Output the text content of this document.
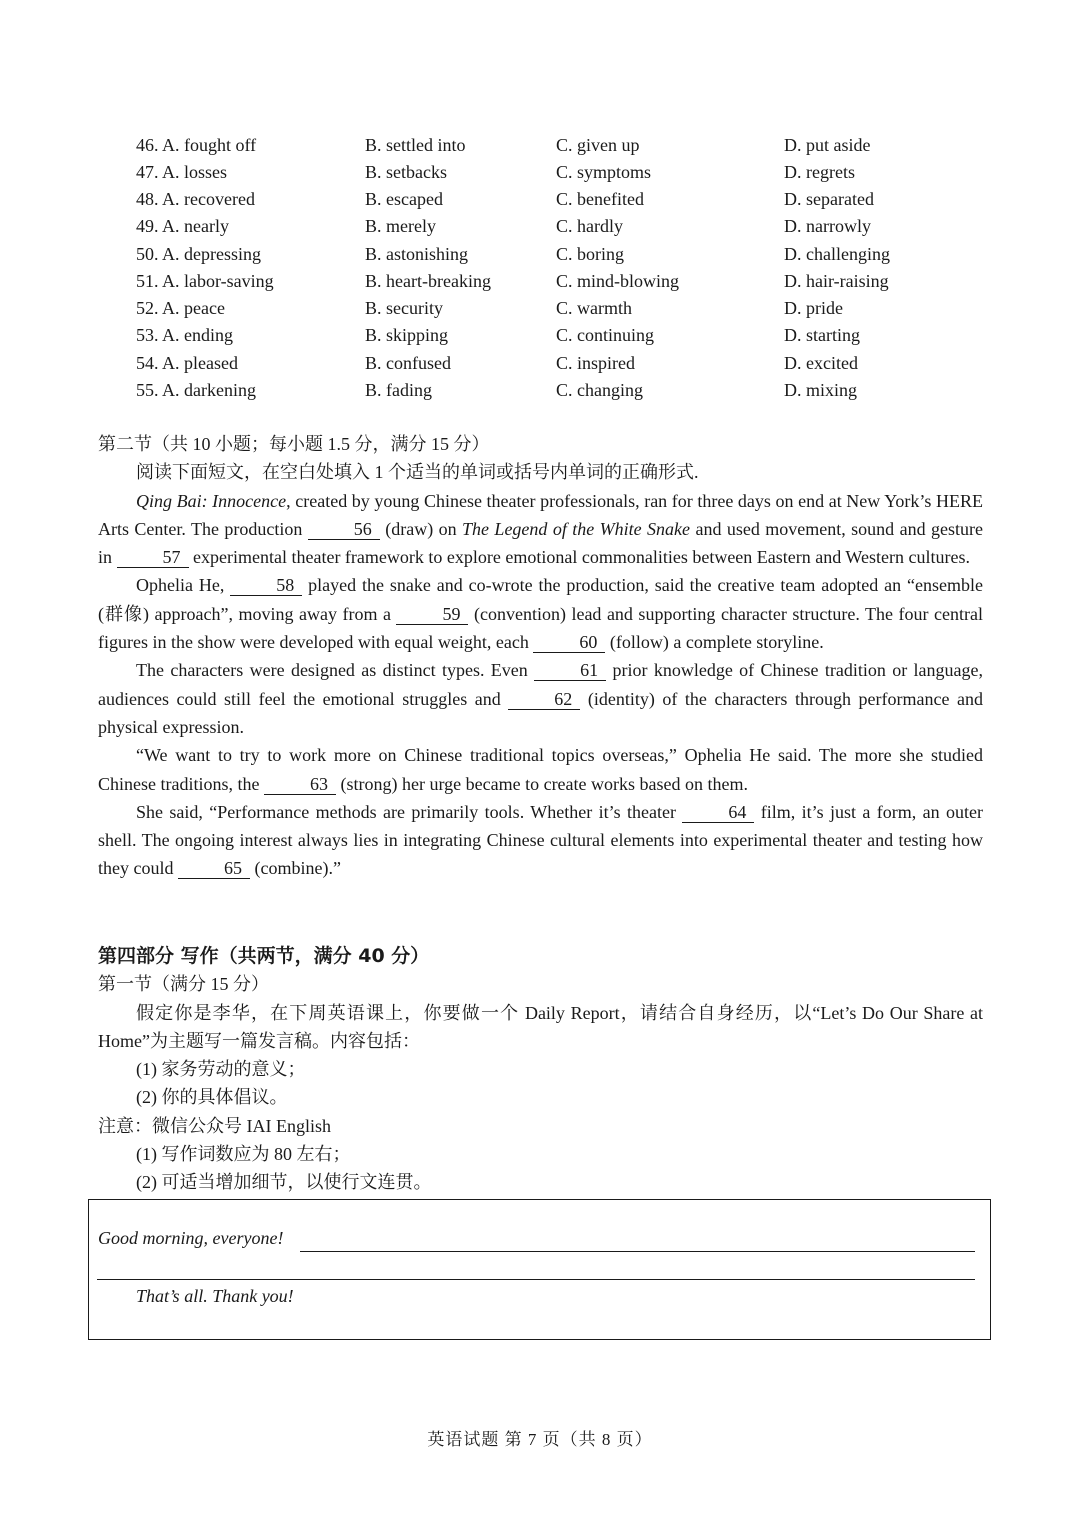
46. A. fought off	B. settled into	C. given up	D. put aside
47. A. losses	B. setbacks	C. symptoms	D. regrets
48. A. recovered	B. escaped	C. benefited	D. separated
49. A. nearly	B. merely	C. hardly	D. narrowly
50. A. depressing	B. astonishing	C. boring	D. challenging
51. A. labor-saving	B. heart-breaking	C. mind-blowing	D. hair-raising
52. A. peace	B. security	C. warmth	D. pride
53. A. ending	B. skipping	C. continuing	D. starting
54. A. pleased	B. confused	C. inspired	D. excited
55. A. darkening	B. fading	C. changing	D. mixing

第二节（共 10 小题；每小题 1.5 分，满分 15 分）

阅读下面短文，在空白处填入 1 个适当的单词或括号内单词的正确形式.

Qing Bai: Innocence, created by young Chinese theater professionals, ran for three days on end at New York’s HERE Arts Center. The production	56 (draw) on The Legend of the White Snake and used movement, sound and gesture in	57 experimental theater framework to explore emotional commonalities between Eastern and Western cultures.

Ophelia He,	58 played the snake and co-wrote the production, said the creative team adopted an “ensemble (群像) approach”, moving away from a	59 (convention) lead and supporting character structure. The four central figures in the show were developed with equal weight, each	60 (follow) a complete storyline.

The characters were designed as distinct types. Even	61 prior knowledge of Chinese tradition or language, audiences could still feel the emotional struggles and	62 (identity) of the characters through performance and physical expression.

“We want to try to work more on Chinese traditional topics overseas,” Ophelia He said. The more she studied Chinese traditions, the	63 (strong) her urge became to create works based on them.

She said, “Performance methods are primarily tools. Whether it’s theater	64 film, it’s just a form, an outer shell. The ongoing interest always lies in integrating Chinese cultural elements into experimental theater and testing how they could	65 (combine).”

第四部分 写作（共两节，满分 40 分）

第一节（满分 15 分）

假定你是李华，在下周英语课上，你要做一个 Daily Report，请结合自身经历，以“Let’s Do Our Share at Home”为主题写一篇发言稿。内容包括：

(1) 家务劳动的意义；

(2) 你的具体倡议。

注意：微信公众号 IAI English

(1) 写作词数应为 80 左右；

(2) 可适当增加细节，以使行文连贯。

Good morning, everyone!
That’s all. Thank you!
英语试题 第 7 页（共 8 页）
